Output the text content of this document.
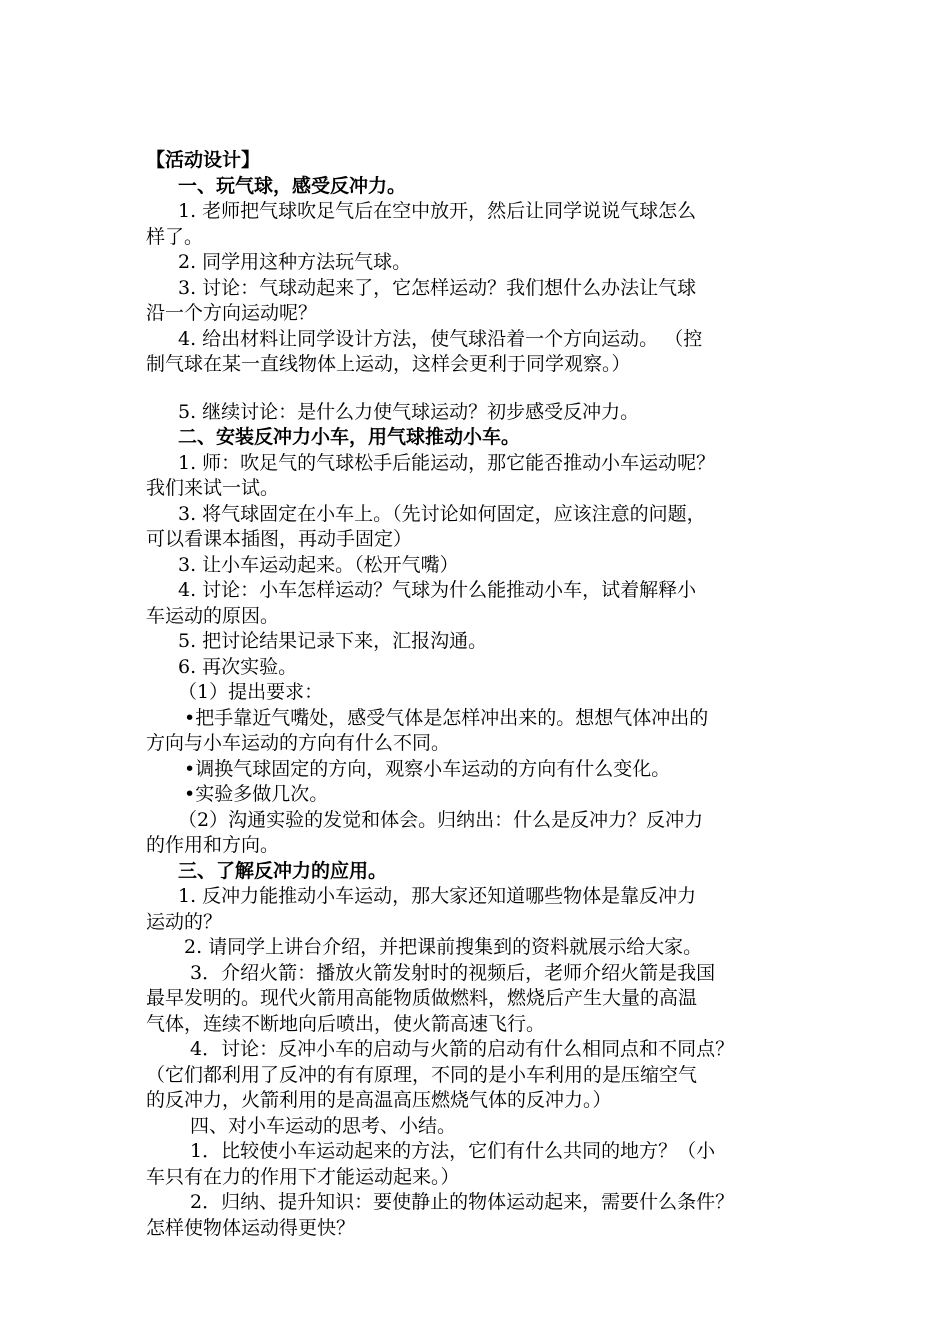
【活动设计】
一、玩气球，感受反冲力。
1. 老师把气球吹足气后在空中放开，然后让同学说说气球怎么
样了。
2. 同学用这种方法玩气球。
3. 讨论：气球动起来了，它怎样运动？我们想什么办法让气球
沿一个方向运动呢？
4. 给出材料让同学设计方法，使气球沿着一个方向运动。 （控
制气球在某一直线物体上运动，这样会更利于同学观察。）
5. 继续讨论：是什么力使气球运动？初步感受反冲力。
二、安装反冲力小车，用气球推动小车。
1. 师：吹足气的气球松手后能运动，那它能否推动小车运动呢？
我们来试一试。
3. 将气球固定在小车上。（先讨论如何固定，应该注意的问题，
可以看课本插图，再动手固定）
3. 让小车运动起来。（松开气嘴）
4. 讨论：小车怎样运动？气球为什么能推动小车，试着解释小
车运动的原因。
5. 把讨论结果记录下来，汇报沟通。
6. 再次实验。
（1）提出要求：
•把手靠近气嘴处，感受气体是怎样冲出来的。想想气体冲出的
方向与小车运动的方向有什么不同。
•调换气球固定的方向，观察小车运动的方向有什么变化。
•实验多做几次。
（2）沟通实验的发觉和体会。归纳出：什么是反冲力？反冲力
的作用和方向。
三、了解反冲力的应用。
1. 反冲力能推动小车运动，那大家还知道哪些物体是靠反冲力
运动的？
2. 请同学上讲台介绍，并把课前搜集到的资料就展示给大家。
3．介绍火箭：播放火箭发射时的视频后，老师介绍火箭是我国
最早发明的。现代火箭用高能物质做燃料，燃烧后产生大量的高温
气体，连续不断地向后喷出，使火箭高速飞行。
4．讨论：反冲小车的启动与火箭的启动有什么相同点和不同点？
（它们都利用了反冲的有有原理，不同的是小车利用的是压缩空气
的反冲力，火箭利用的是高温高压燃烧气体的反冲力。）
四、对小车运动的思考、小结。
1．比较使小车运动起来的方法，它们有什么共同的地方？（小
车只有在力的作用下才能运动起来。）
2．归纳、提升知识：要使静止的物体运动起来，需要什么条件？
怎样使物体运动得更快？
